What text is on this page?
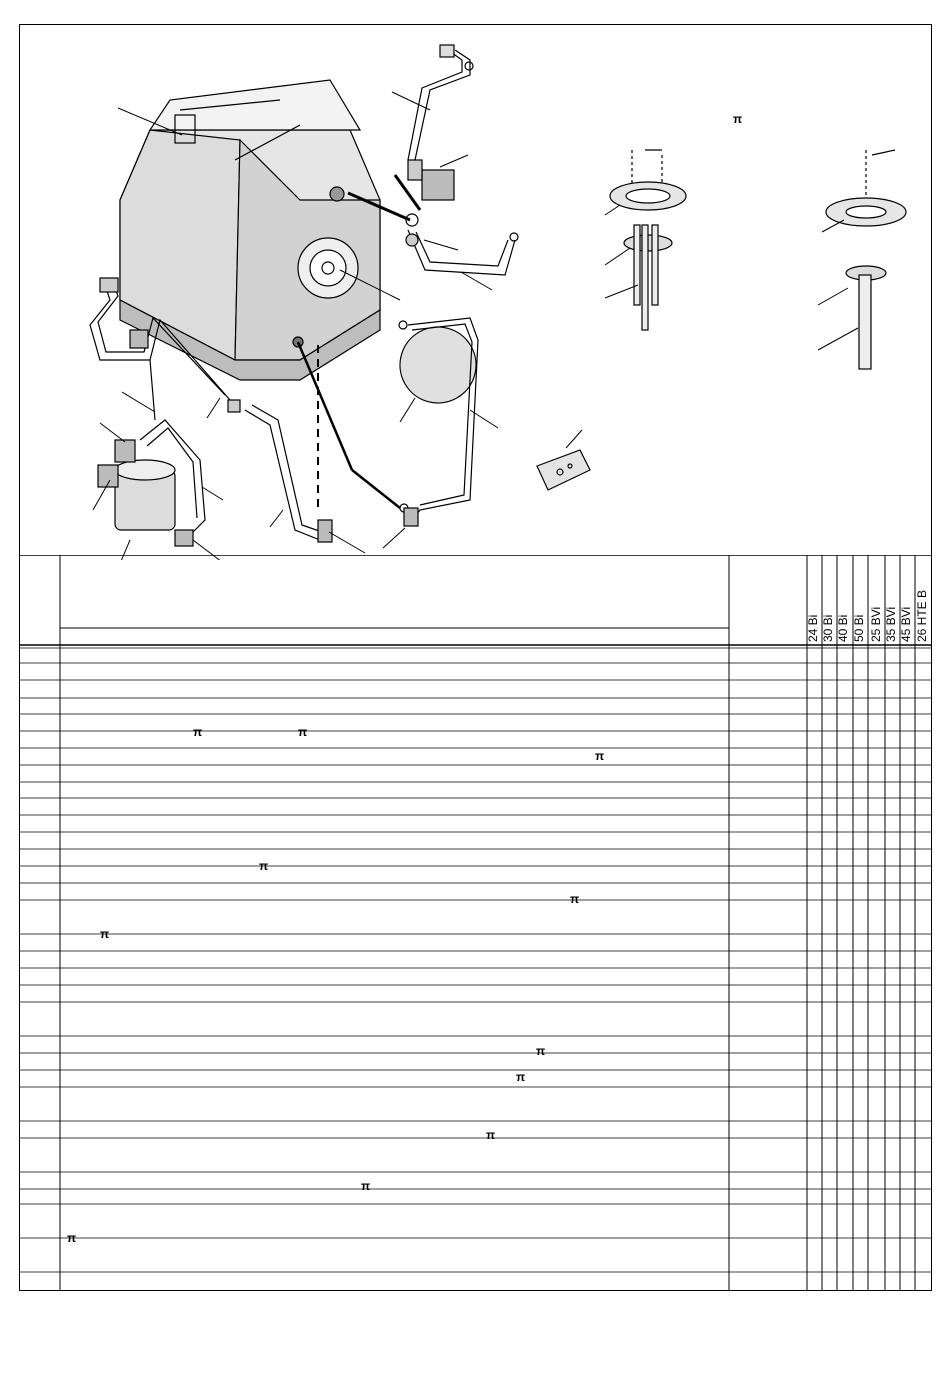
24 Bi 30 Bi 40 Bi 50 Bi 25 BVi 35 BVi 45 BVi 26 HTE B
π	π
π
π
π
π
π
π
π
π
π
π
